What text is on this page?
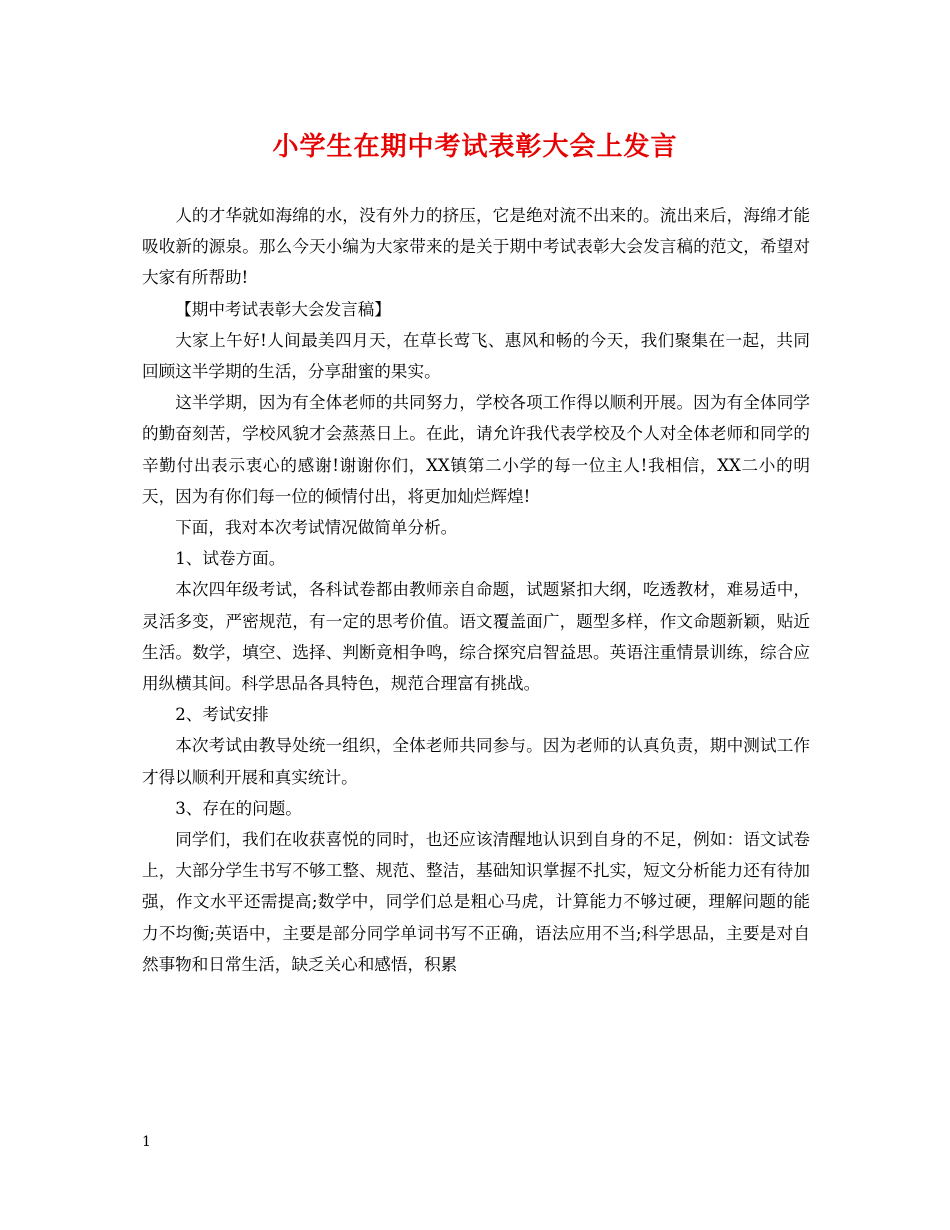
小学生在期中考试表彰大会上发言

人的才华就如海绵的水，没有外力的挤压，它是绝对流不出来的。流出来后，海绵才能吸收新的源泉。那么今天小编为大家带来的是关于期中考试表彰大会发言稿的范文，希望对大家有所帮助!

【期中考试表彰大会发言稿】

大家上午好!人间最美四月天，在草长莺飞、惠风和畅的今天，我们聚集在一起，共同回顾这半学期的生活，分享甜蜜的果实。

这半学期，因为有全体老师的共同努力，学校各项工作得以顺利开展。因为有全体同学的勤奋刻苦，学校风貌才会蒸蒸日上。在此，请允许我代表学校及个人对全体老师和同学的辛勤付出表示衷心的感谢!谢谢你们，XX镇第二小学的每一位主人!我相信，XX二小的明天，因为有你们每一位的倾情付出，将更加灿烂辉煌!

下面，我对本次考试情况做简单分析。

1、试卷方面。

本次四年级考试，各科试卷都由教师亲自命题，试题紧扣大纲，吃透教材，难易适中，灵活多变，严密规范，有一定的思考价值。语文覆盖面广，题型多样，作文命题新颖，贴近生活。数学，填空、选择、判断竟相争鸣，综合探究启智益思。英语注重情景训练，综合应用纵横其间。科学思品各具特色，规范合理富有挑战。

2、考试安排

本次考试由教导处统一组织，全体老师共同参与。因为老师的认真负责，期中测试工作才得以顺利开展和真实统计。

3、存在的问题。

同学们，我们在收获喜悦的同时，也还应该清醒地认识到自身的不足，例如：语文试卷上，大部分学生书写不够工整、规范、整洁，基础知识掌握不扎实，短文分析能力还有待加强，作文水平还需提高;数学中，同学们总是粗心马虎，计算能力不够过硬，理解问题的能力不均衡;英语中，主要是部分同学单词书写不正确，语法应用不当;科学思品，主要是对自然事物和日常生活，缺乏关心和感悟，积累

1
